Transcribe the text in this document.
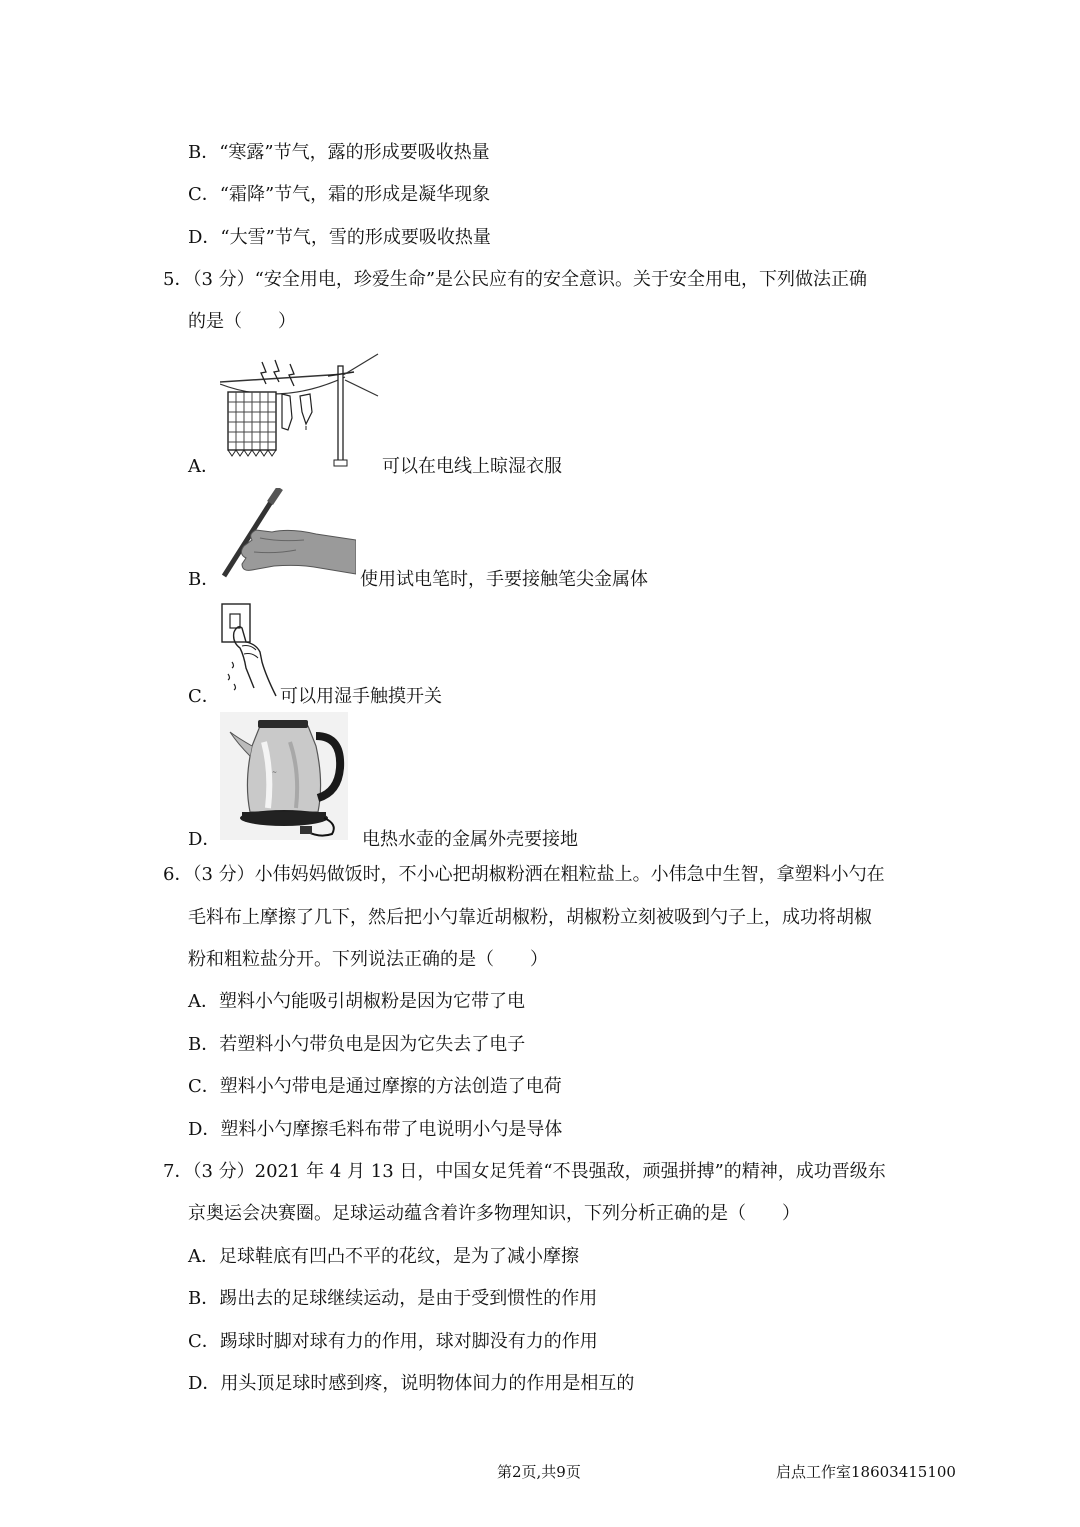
B．“寒露”节气，露的形成要吸收热量
C．“霜降”节气，霜的形成是凝华现象
D．“大雪”节气，雪的形成要吸收热量
5．（3 分）“安全用电，珍爱生命”是公民应有的安全意识。关于安全用电，下列做法正确
的是（　　）
A．	可以在电线上晾湿衣服
B．	使用试电笔时，手要接触笔尖金属体
C．	可以用湿手触摸开关
D．
~
电热水壶的金属外壳要接地
6．（3 分）小伟妈妈做饭时，不小心把胡椒粉洒在粗粒盐上。小伟急中生智，拿塑料小勺在
毛料布上摩擦了几下，然后把小勺靠近胡椒粉，胡椒粉立刻被吸到勺子上，成功将胡椒
粉和粗粒盐分开。下列说法正确的是（　　）
A．塑料小勺能吸引胡椒粉是因为它带了电
B．若塑料小勺带负电是因为它失去了电子
C．塑料小勺带电是通过摩擦的方法创造了电荷
D．塑料小勺摩擦毛料布带了电说明小勺是导体
7．（3 分）2021 年 4 月 13 日，中国女足凭着“不畏强敌，顽强拼搏”的精神，成功晋级东
京奥运会决赛圈。足球运动蕴含着许多物理知识，下列分析正确的是（　　）
A．足球鞋底有凹凸不平的花纹，是为了减小摩擦
B．踢出去的足球继续运动，是由于受到惯性的作用
C．踢球时脚对球有力的作用，球对脚没有力的作用
D．用头顶足球时感到疼，说明物体间力的作用是相互的
第2页,共9页	启点工作室18603415100
